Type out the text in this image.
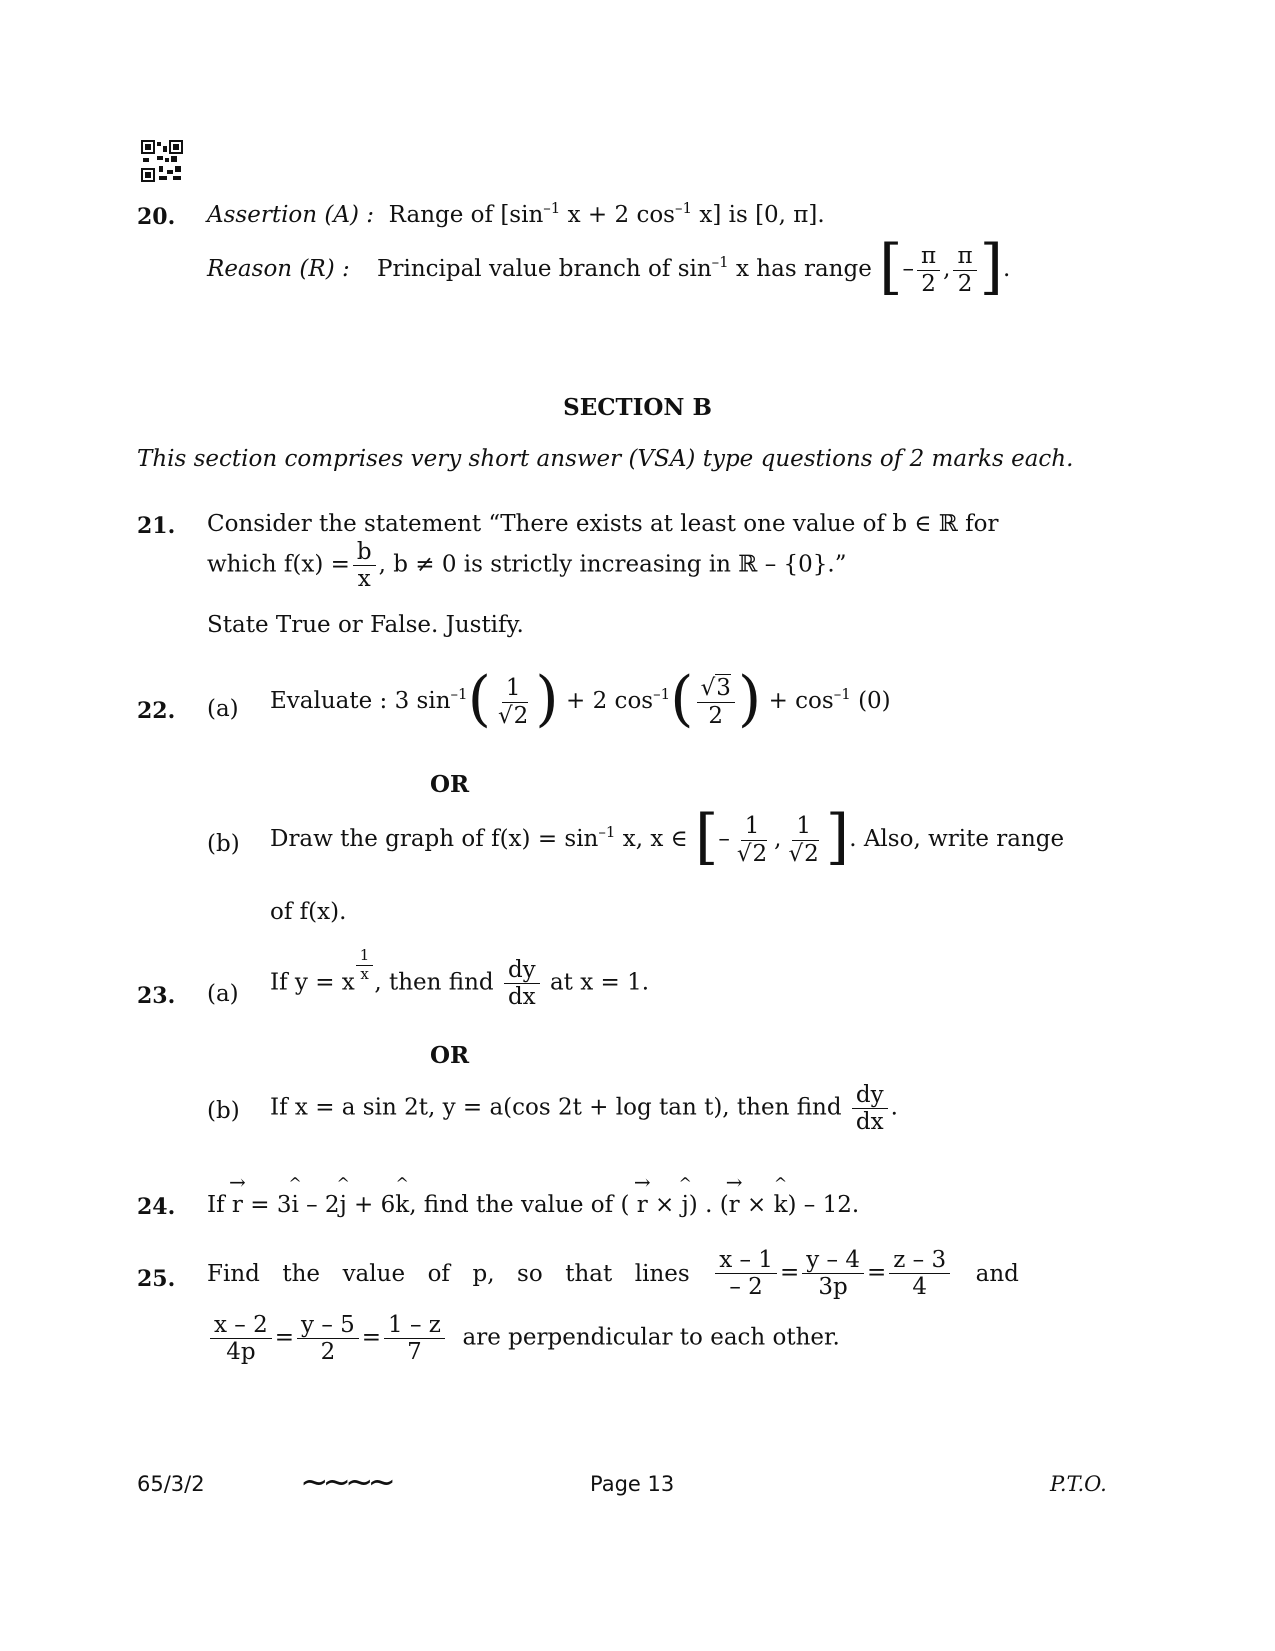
20. Assertion (A) : Range of [$\sin^{-1}$ x + 2 $\cos^{-1} x$] is [0, π].
Reason (R) : Principal value branch of $\sin^{-1} x$ has range [– $\frac{\pi}{2}$ , $\frac{\pi}{2}$ ].
SECTION B
This section comprises very short answer (VSA) type questions of 2 marks each.
21. Consider the statement “There exists at least one value of b ∈ ℝ for
which $f(x) = \frac{b}{x}$ , b ≠ 0 is strictly increasing in ℝ – {0}.”
State True or False. Justify.
22. (a) Evaluate : 3 $\sin^{-1}( \frac{1}{√2}$ ) + 2 $\cos^{-1}( \frac{√3}{2}$ ) + $\cos^{-1} (0)$
OR
(b) Draw the graph of $f(x) = \sin^{-1} x$, x ∈ [– $\frac{1}{√2}$ , $\frac{1}{√2}$ ]. Also, write range
of f(x).
23. (a) If y = x $\frac{1}{x}$ , then find $\frac{dy}{dx}$ at x = 1.
OR
(b) If x = a sin 2t, y = a(cos 2t + log tan t), then find $\frac{dy}{dx}$ .
24. If → r = 3^ i – 2^ j + 6^ k, find the value of ( → r × ^ j) . (→ r × ^ k) – 12.
25. Find the value of p, so that lines $\frac{x - 1}{- 2} = \frac{y - 4}{3p} = \frac{z - 3}{4}$ and
$\frac{x - 2}{4p} = \frac{y - 5}{2} = \frac{1 - z}{7}$ are perpendicular to each other.
65/3/2	~~~~	Page 13	P.T.O.
